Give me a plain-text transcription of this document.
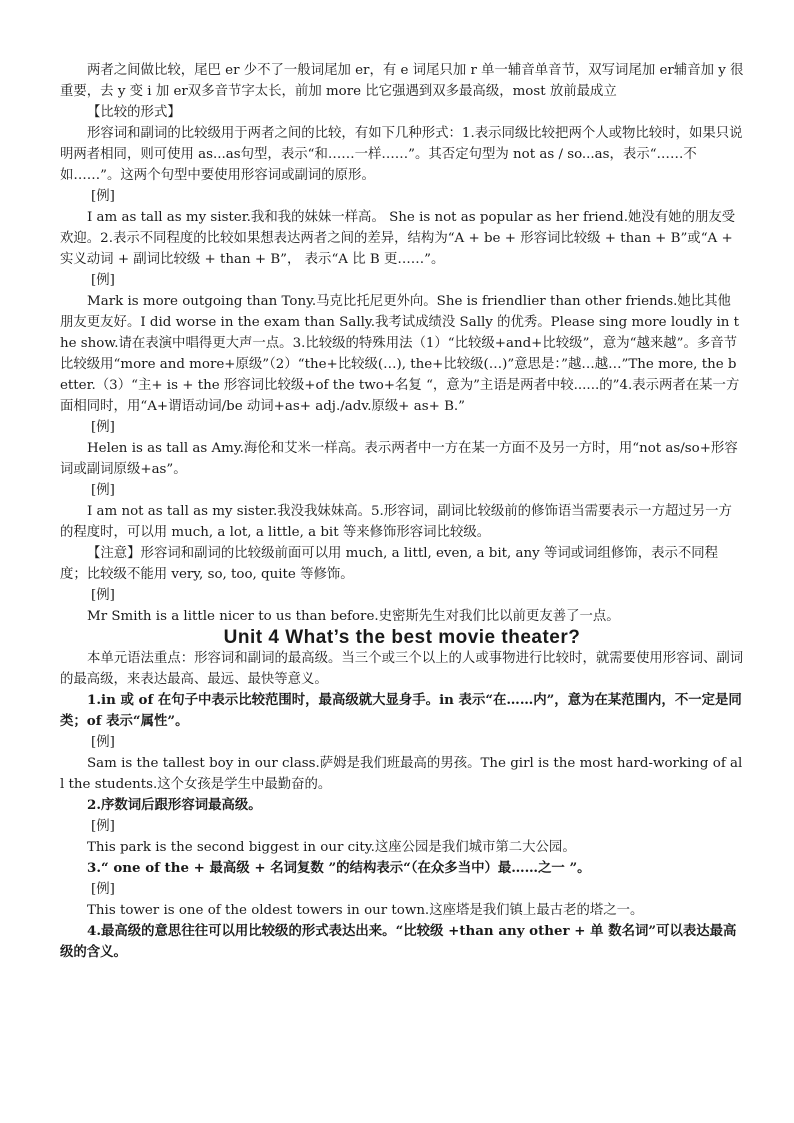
两者之间做比较，尾巴 er 少不了一般词尾加 er，有 e 词尾只加 r 单一辅音单音节，双写词尾加 er辅音加 y 很重要，去 y 变 i 加 er双多音节字太长，前加 more 比它强遇到双多最高级，most 放前最成立

【比较的形式】

形容词和副词的比较级用于两者之间的比较，有如下几种形式：1.表示同级比较把两个人或物比较时，如果只说明两者相同，则可使用 as...as句型，表示“和……一样……”。其否定句型为 not as / so...as，表示“……不如……”。这两个句型中要使用形容词或副词的原形。

[例]

I am as tall as my sister.我和我的妹妹一样高。 She is not as popular as her friend.她没有她的朋友受欢迎。2.表示不同程度的比较如果想表达两者之间的差异，结构为“A + be + 形容词比较级 + than + B”或“A + 实义动词 + 副词比较级 + than + B”， 表示“A 比 B 更……”。

[例]

Mark is more outgoing than Tony.马克比托尼更外向。She is friendlier than other friends.她比其他朋友更友好。I did worse in the exam than Sally.我考试成绩没 Sally 的优秀。Please sing more loudly in the show.请在表演中唱得更大声一点。3.比较级的特殊用法（1）“比较级+and+比较级”，意为“越来越”。多音节比较级用“more and more+原级”（2）“the+比较级(…), the+比较级(…)”意思是：”越…越…”The more, the better.（3）“主+ is + the 形容词比较级+of the two+名复 “，意为”主语是两者中较......的”4.表示两者在某一方面相同时，用“A+谓语动词/be 动词+as+ adj./adv.原级+ as+ B.”

[例]

Helen is as tall as Amy.海伦和艾米一样高。表示两者中一方在某一方面不及另一方时，用“not as/so+形容词或副词原级+as”。

[例]

I am not as tall as my sister.我没我妹妹高。5.形容词，副词比较级前的修饰语当需要表示一方超过另一方的程度时，可以用 much, a lot, a little, a bit 等来修饰形容词比较级。

【注意】形容词和副词的比较级前面可以用 much, a littl, even, a bit, any 等词或词组修饰，表示不同程度；比较级不能用 very, so, too, quite 等修饰。

[例]

Mr Smith is a little nicer to us than before.史密斯先生对我们比以前更友善了一点。

Unit 4 What’s the best movie theater?

本单元语法重点：形容词和副词的最高级。当三个或三个以上的人或事物进行比较时，就需要使用形容词、副词的最高级，来表达最高、最远、最快等意义。

1.in 或 of 在句子中表示比较范围时，最高级就大显身手。in 表示“在……内”，意为在某范围内，不一定是同类；of 表示“属性”。

[例]

Sam is the tallest boy in our class.萨姆是我们班最高的男孩。The girl is the most hard-working of all the students.这个女孩是学生中最勤奋的。

2.序数词后跟形容词最高级。

[例]

This park is the second biggest in our city.这座公园是我们城市第二大公园。

3.“ one of the + 最高级 + 名词复数 ”的结构表示“（在众多当中）最……之一 ”。

[例]

This tower is one of the oldest towers in our town.这座塔是我们镇上最古老的塔之一。

4.最高级的意思往往可以用比较级的形式表达出来。“比较级 +than any other + 单 数名词”可以表达最高级的含义。
